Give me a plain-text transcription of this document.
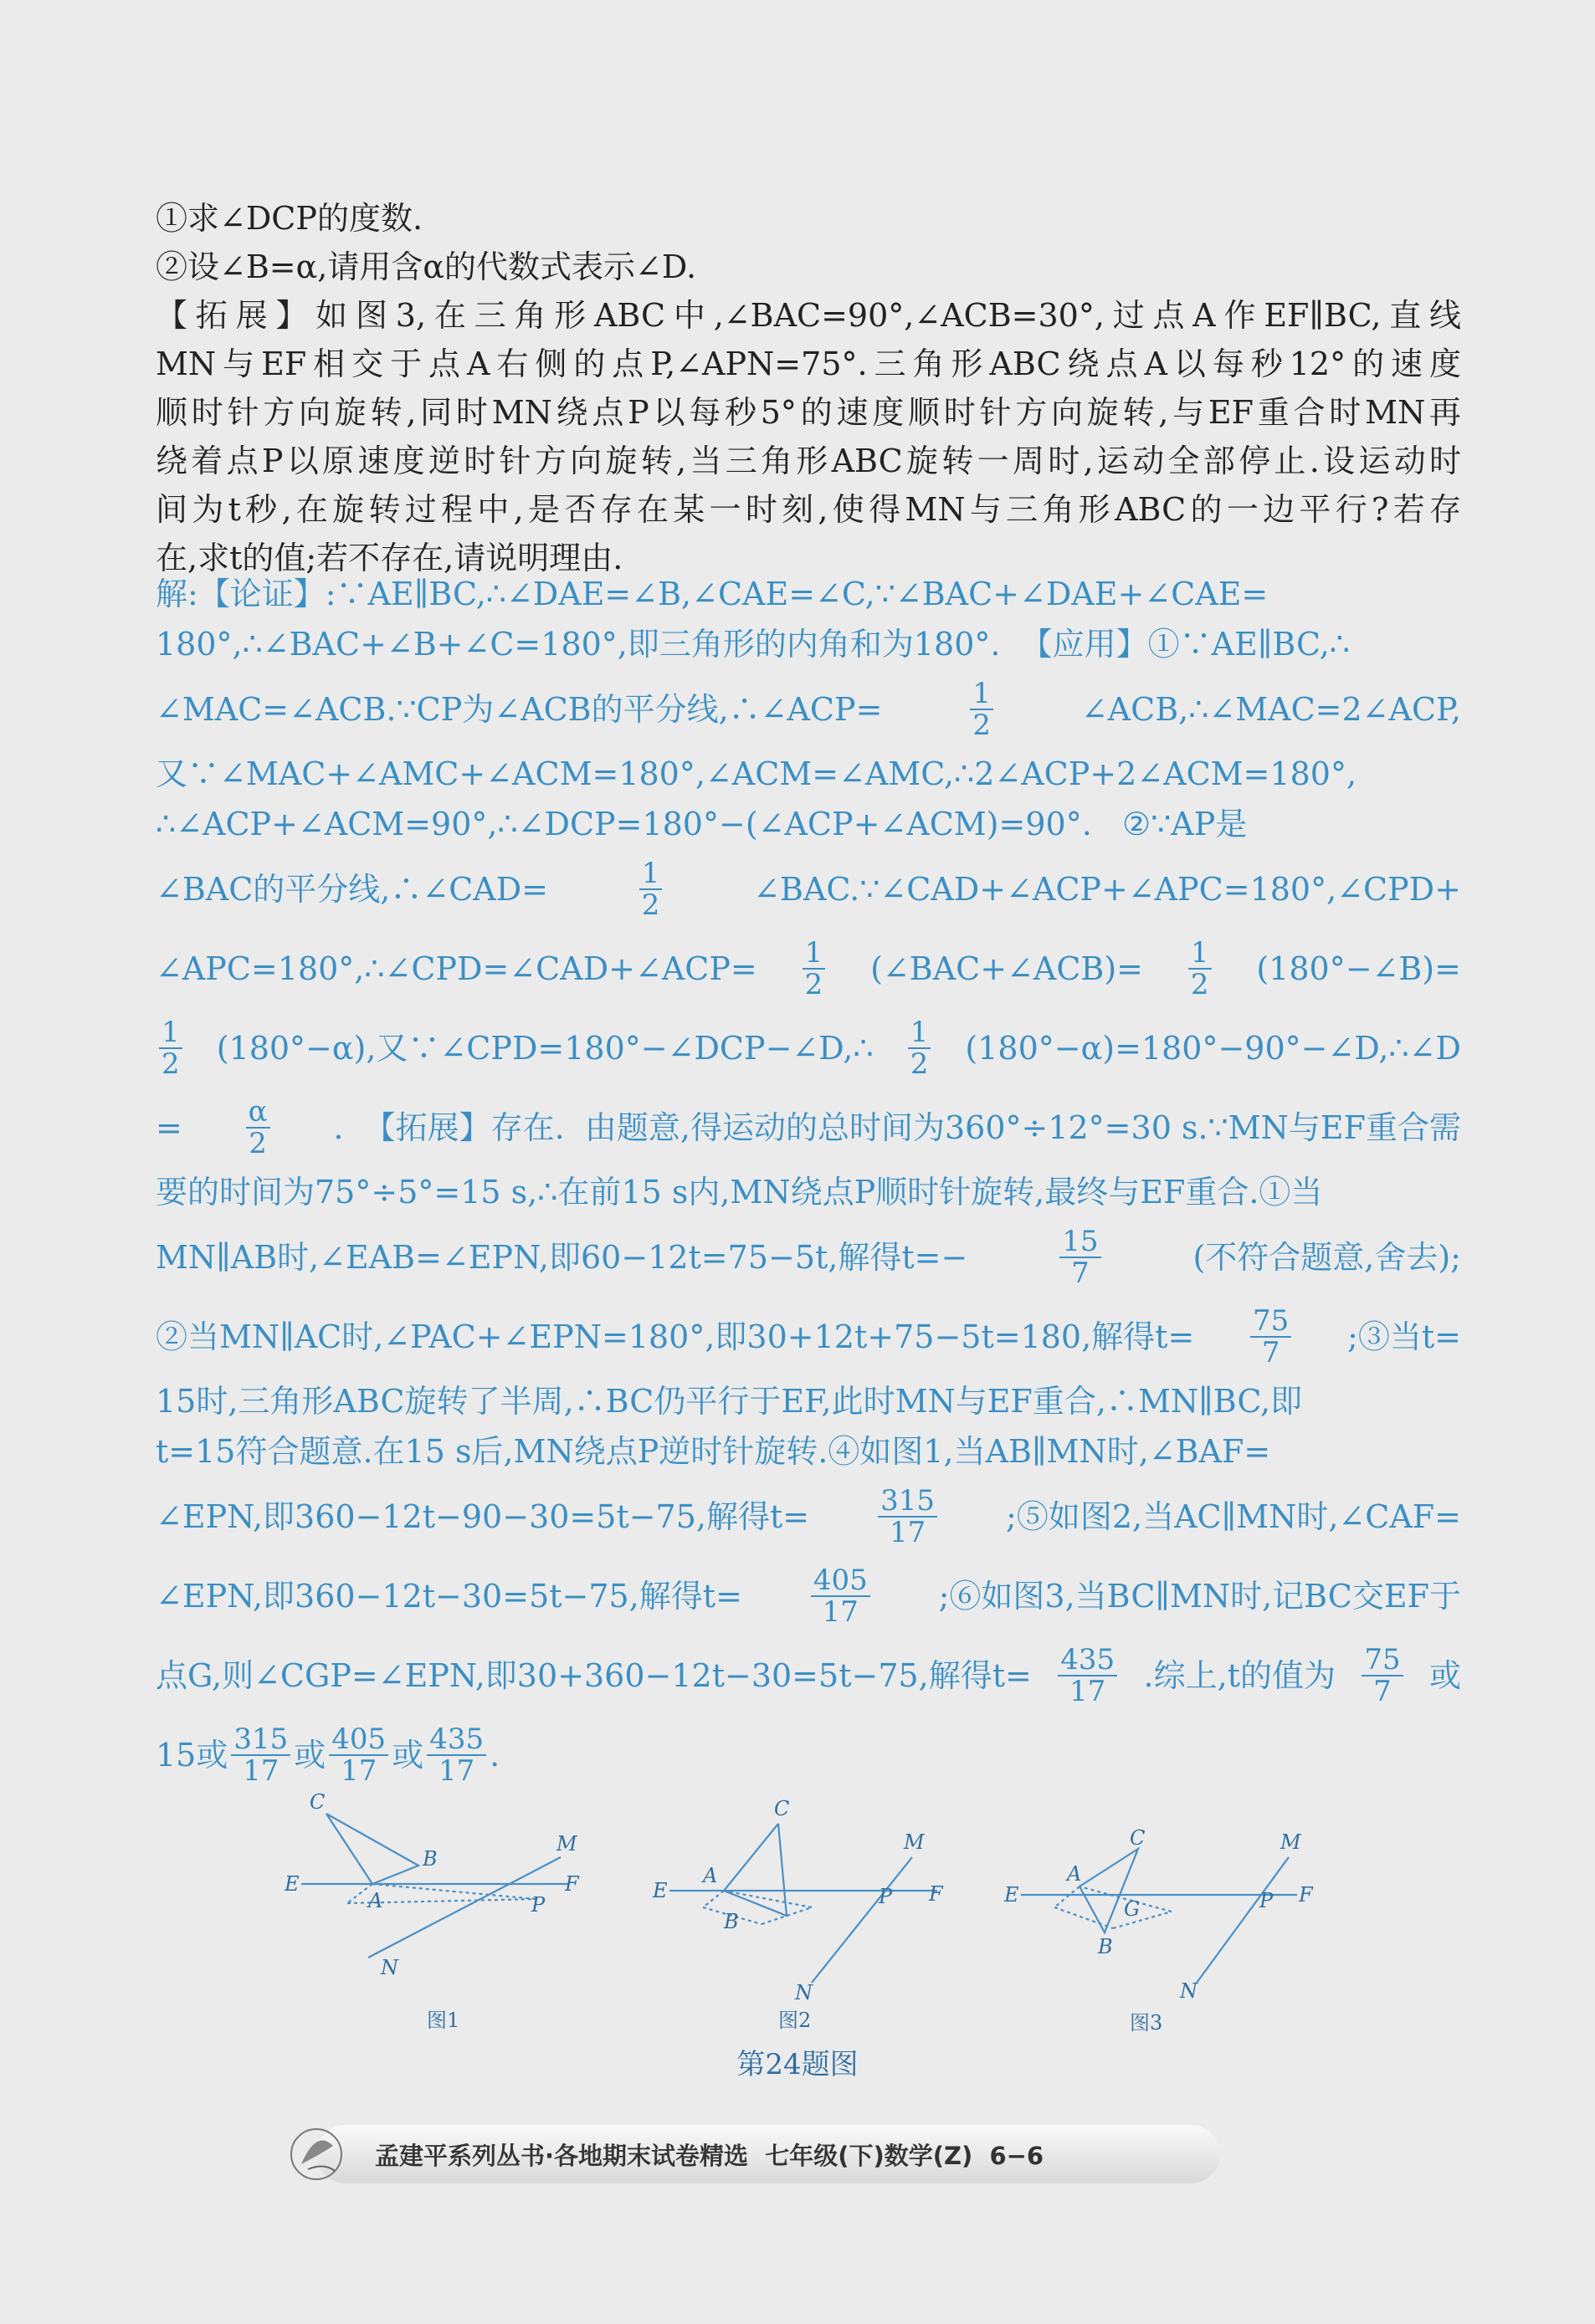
①求∠DCP的度数.
②设∠B=α,请用含α的代数式表示∠D.
【拓展】如图3,在三角形ABC中,∠BAC=90°,∠ACB=30°,过点A作EF∥BC,直线
MN与EF相交于点A右侧的点P,∠APN=75°.三角形ABC绕点A以每秒12°的速度
顺时针方向旋转,同时MN绕点P以每秒5°的速度顺时针方向旋转,与EF重合时MN再
绕着点P以原速度逆时针方向旋转,当三角形ABC旋转一周时,运动全部停止.设运动时
间为t秒,在旋转过程中,是否存在某一时刻,使得MN与三角形ABC的一边平行?若存
在,求t的值;若不存在,请说明理由.
解:【论证】:∵AE∥BC,∴∠DAE=∠B,∠CAE=∠C,∵∠BAC+∠DAE+∠CAE=
180°,∴∠BAC+∠B+∠C=180°,即三角形的内角和为180°.  【应用】①∵AE∥BC,∴
∠MAC=∠ACB.∵CP为∠ACB的平分线,∴∠ACP=	$\frac{1}{2}$	∠ACB,∴∠MAC=2∠ACP,
又∵∠MAC+∠AMC+∠ACM=180°,∠ACM=∠AMC,∴2∠ACP+2∠ACM=180°,
∴∠ACP+∠ACM=90°,∴∠DCP=180°−(∠ACP+∠ACM)=90°.   ②∵AP是
∠BAC的平分线,∴∠CAD=	$\frac{1}{2}$	∠BAC.∵∠CAD+∠ACP+∠APC=180°,∠CPD+
∠APC=180°,∴∠CPD=∠CAD+∠ACP= $\frac{1}{2}$ (∠BAC+∠ACB)= $\frac{1}{2}$ (180°−∠B)=
$\frac{1}{2} (180^\circ-\alpha)$,又∵∠CPD=180°−∠DCP−∠D,∴ $\frac{1}{2}$ (180°−α)=180°−90°−∠D,∴∠D
= $\frac{\alpha}{2}$ .  【拓展】存在.  由题意,得运动的总时间为360°÷12°=30 s.∵MN与EF重合需
要的时间为75°÷5°=15 s,∴在前15 s内,MN绕点P顺时针旋转,最终与EF重合.①当
MN∥AB时,∠EAB=∠EPN,即60−12t=75−5t,解得t=−	$\frac{15}{7}$	(不符合题意,舍去);
②当MN∥AC时,∠PAC+∠EPN=180°,即30+12t+75−5t=180,解得$t= \frac{75}{7}$ ;③当t=
15时,三角形ABC旋转了半周,∴BC仍平行于EF,此时MN与EF重合,∴MN∥BC,即
t=15符合题意.在15 s后,MN绕点P逆时针旋转.④如图1,当AB∥MN时,∠BAF=
∠EPN,即360−12t−90−30=5t−75,解得$t= \frac{315}{17}$ ;⑤如图2,当AC∥MN时,∠CAF=
∠EPN,即360−12t−30=5t−75,解得$t= \frac{405}{17}$ ;⑥如图3,当BC∥MN时,记BC交EF于
点G,则∠CGP=∠EPN,即30+360−12t−30=5t−75,解得$t= \frac{435}{17}$ .综上,t的值为 $\frac{75}{7}$ 或
15或 $\frac{315}{17}$ 或 $\frac{405}{17}$ 或 $\frac{435}{17}$ .
C
B
E
A
M
F
P
N
C
E
A
B
M
F
P
N
C
E
A
G
B
M
F
P
N
图1	图2	图3
第24题图
孟建平系列丛书·各地期末试卷精选  七年级(下)数学(Z)  6−6
